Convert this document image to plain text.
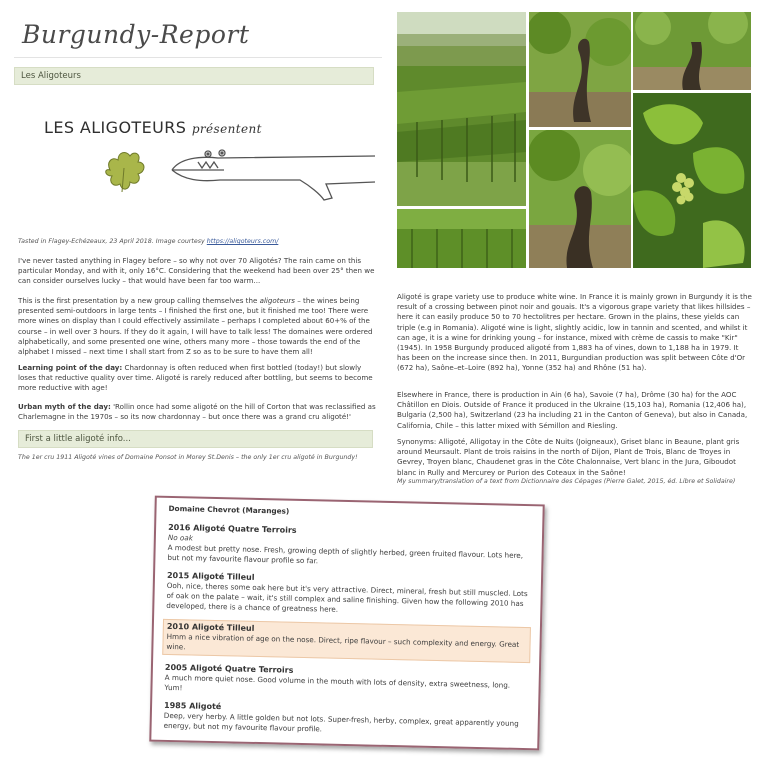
Burgundy-Report
Les Aligoteurs
LES ALIGOTEURS présentent
Tasted in Flagey-Echézeaux, 23 April 2018. Image courtesy https://aligoteurs.com/
I've never tasted anything in Flagey before – so why not over 70 Aligotés? The rain came on this particular Monday, and with it, only 16°C. Considering that the weekend had been over 25° then we can consider ourselves lucky – that would have been far too warm...
This is the first presentation by a new group calling themselves the aligoteurs – the wines being presented semi-outdoors in large tents – I finished the first one, but it finished me too! There were more wines on display than I could effectively assimilate – perhaps I completed about 60+% of the course – in well over 3 hours. If they do it again, I will have to talk less! The domaines were ordered alphabetically, and some presented one wine, others many more – those towards the end of the alphabet I missed – next time I shall start from Z so as to be sure to have them all!
Learning point of the day: Chardonnay is often reduced when first bottled (today!) but slowly loses that reductive quality over time. Aligoté is rarely reduced after bottling, but seems to become more reductive with age!
Urban myth of the day: 'Rollin once had some aligoté on the hill of Corton that was reclassified as Charlemagne in the 1970s – so its now chardonnay – but once there was a grand cru aligoté!'
First a little aligoté info...
The 1er cru 1911 Aligoté vines of Domaine Ponsot in Morey St.Denis – the only 1er cru aligoté in Burgundy!
Aligoté is grape variety use to produce white wine. In France it is mainly grown in Burgundy it is the result of a crossing between pinot noir and gouais. It's a vigorous grape variety that likes hillsides – here it can easily produce 50 to 70 hectolitres per hectare. Grown in the plains, these yields can triple (e.g in Romania). Aligoté wine is light, slightly acidic, low in tannin and scented, and whilst it can age, it is a wine for drinking young – for instance, mixed with crème de cassis to make "Kir" (1945). In 1958 Burgundy produced aligoté from 1,883 ha of vines, down to 1,188 ha in 1979. It has been on the increase since then. In 2011, Burgundian production was split between Côte d'Or (672 ha), Saône–et–Loire (892 ha), Yonne (352 ha) and Rhône (51 ha).
Elsewhere in France, there is production in Ain (6 ha), Savoie (7 ha), Drôme (30 ha) for the AOC Châtillon en Diois. Outside of France it produced in the Ukraine (15,103 ha), Romania (12,406 ha), Bulgaria (2,500 ha), Switzerland (23 ha including 21 in the Canton of Geneva), but also in Canada, California, Chile – this latter mixed with Sémillon and Riesling.
Synonyms: Alligoté, Alligotay in the Côte de Nuits (Joigneaux), Griset blanc in Beaune, plant gris around Meursault. Plant de trois raisins in the north of Dijon, Plant de Trois, Blanc de Troyes in Gevrey, Troyen blanc, Chaudenet gras in the Côte Chalonnaise, Vert blanc in the Jura, Giboudot blanc in Rully and Mercurey or Purion des Coteaux in the Saône!
My summary/translation of a text from Dictionnaire des Cépages (Pierre Galet, 2015, éd. Libre et Solidaire)
Domaine Chevrot (Maranges)
2016 Aligoté Quatre Terroirs
No oak
A modest but pretty nose. Fresh, growing depth of slightly herbed, green fruited flavour. Lots here, but not my favourite flavour profile so far.
2015 Aligoté Tilleul
Ooh, nice, theres some oak here but it's very attractive. Direct, mineral, fresh but still muscled. Lots of oak on the palate – wait, it's still complex and saline finishing. Given how the following 2010 has developed, there is a chance of greatness here.
2010 Aligoté Tilleul
Hmm a nice vibration of age on the nose. Direct, ripe flavour – such complexity and energy. Great wine.
2005 Aligoté Quatre Terroirs
A much more quiet nose. Good volume in the mouth with lots of density, extra sweetness, long. Yum!
1985 Aligoté
Deep, very herby. A little golden but not lots. Super-fresh, herby, complex, great apparently young energy, but not my favourite flavour profile.
